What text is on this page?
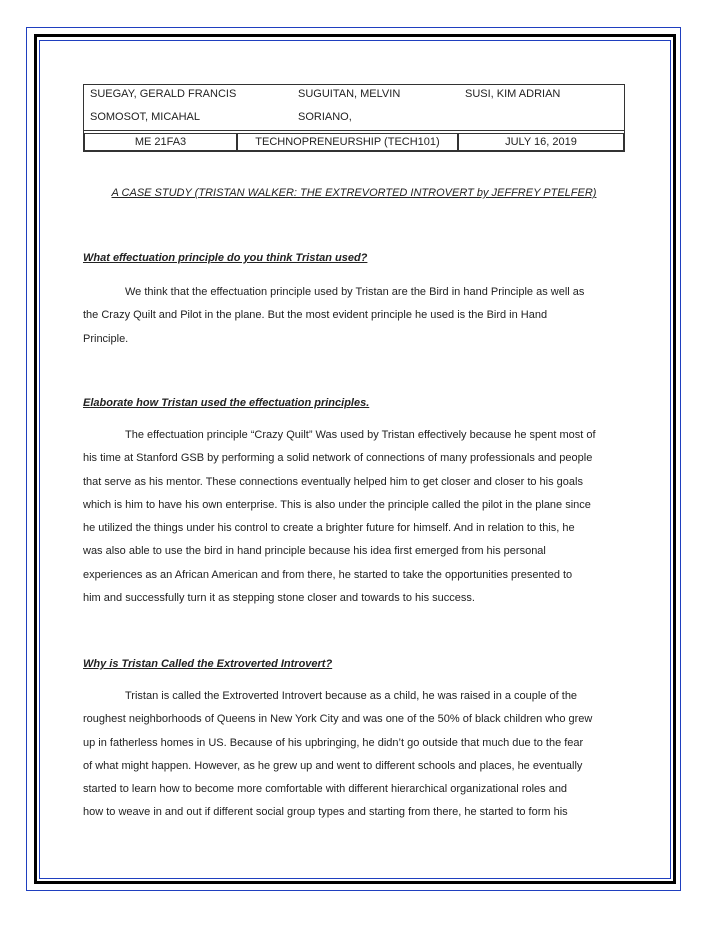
SUEGAY, GERALD FRANCIS	SUGUITAN, MELVIN	SUSI, KIM ADRIAN
SOMOSOT, MICAHAL	SORIANO,
ME 21FA3	TECHNOPRENEURSHIP (TECH101)	JULY 16, 2019
A CASE STUDY (TRISTAN WALKER: THE EXTREVORTED INTROVERT by JEFFREY PTELFER)
What effectuation principle do you think Tristan used?
We think that the effectuation principle used by Tristan are the Bird in hand Principle as well as
the Crazy Quilt and Pilot in the plane. But the most evident principle he used is the Bird in Hand
Principle.
Elaborate how Tristan used the effectuation principles.
The effectuation principle “Crazy Quilt” Was used by Tristan effectively because he spent most of
his time at Stanford GSB by performing a solid network of connections of many professionals and people
that serve as his mentor. These connections eventually helped him to get closer and closer to his goals
which is him to have his own enterprise. This is also under the principle called the pilot in the plane since
he utilized the things under his control to create a brighter future for himself. And in relation to this, he
was also able to use the bird in hand principle because his idea first emerged from his personal
experiences as an African American and from there, he started to take the opportunities presented to
him and successfully turn it as stepping stone closer and towards to his success.
Why is Tristan Called the Extroverted Introvert?
Tristan is called the Extroverted Introvert because as a child, he was raised in a couple of the
roughest neighborhoods of Queens in New York City and was one of the 50% of black children who grew
up in fatherless homes in US. Because of his upbringing, he didn’t go outside that much due to the fear
of what might happen. However, as he grew up and went to different schools and places, he eventually
started to learn how to become more comfortable with different hierarchical organizational roles and
how to weave in and out if different social group types and starting from there, he started to form his
